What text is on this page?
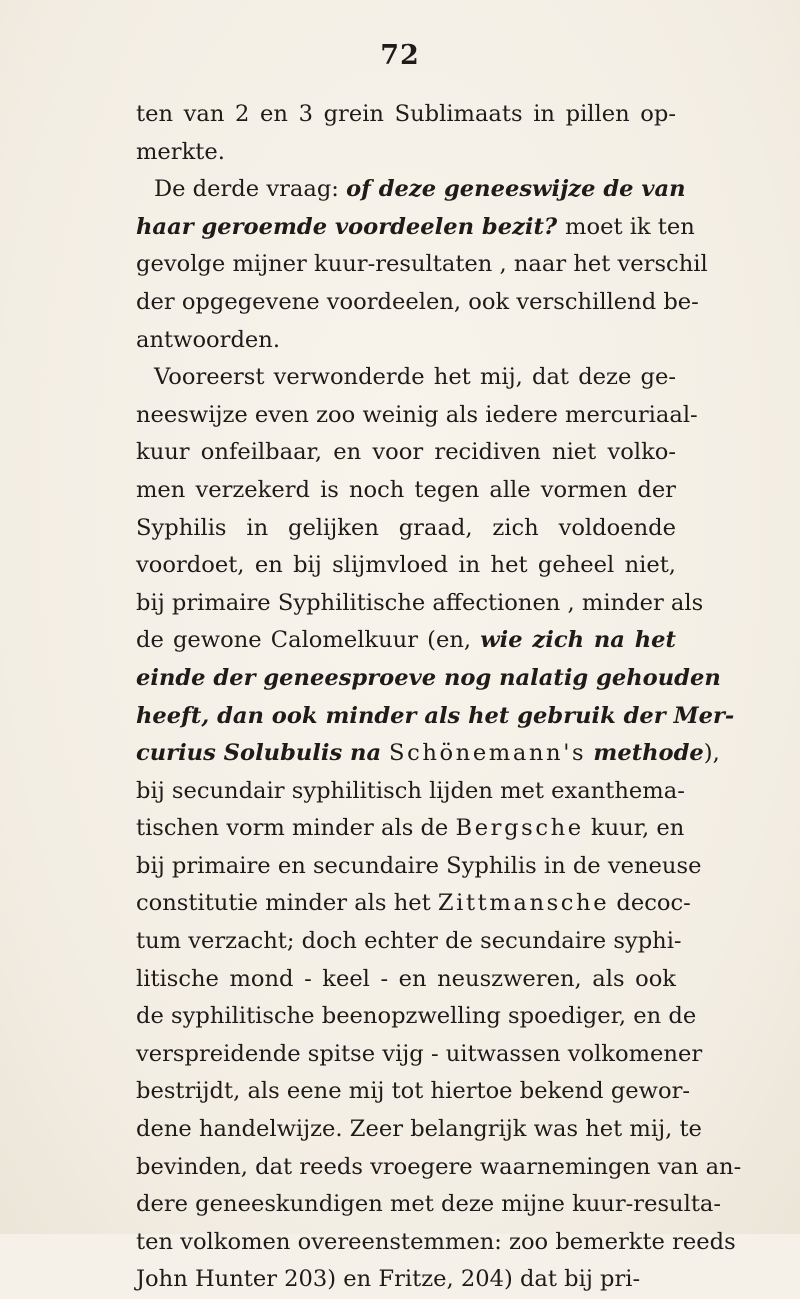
72
ten van 2 en 3 grein Sublimaats in pillen op-
merkte.
De derde vraag: of deze geneeswijze de van
haar geroemde voordeelen bezit? moet ik ten
gevolge mijner kuur-resultaten , naar het verschil
der opgegevene voordeelen, ook verschillend be-
antwoorden.
Vooreerst verwonderde het mij, dat deze ge-
neeswijze even zoo weinig als iedere mercuriaal-
kuur onfeilbaar, en voor recidiven niet volko-
men verzekerd is noch tegen alle vormen der
Syphilis in gelijken graad, zich voldoende
voordoet, en bij slijmvloed in het geheel niet,
bij primaire Syphilitische affectionen , minder als
de gewone Calomelkuur (en, wie zich na het
einde der geneesproeve nog nalatig gehouden
heeft, dan ook minder als het gebruik der Mer-
curius Solubulis na Schönemann's methode),
bij secundair syphilitisch lijden met exanthema-
tischen vorm minder als de Bergsche kuur, en
bij primaire en secundaire Syphilis in de veneuse
constitutie minder als het Zittmansche decoc-
tum verzacht; doch echter de secundaire syphi-
litische mond - keel - en neuszweren, als ook
de syphilitische beenopzwelling spoediger, en de
verspreidende spitse vijg - uitwassen volkomener
bestrijdt, als eene mij tot hiertoe bekend gewor-
dene handelwijze. Zeer belangrijk was het mij, te
bevinden, dat reeds vroegere waarnemingen van an-
dere geneeskundigen met deze mijne kuur-resulta-
ten volkomen overeenstemmen: zoo bemerkte reeds
John Hunter 203) en Fritze, 204) dat bij pri-
